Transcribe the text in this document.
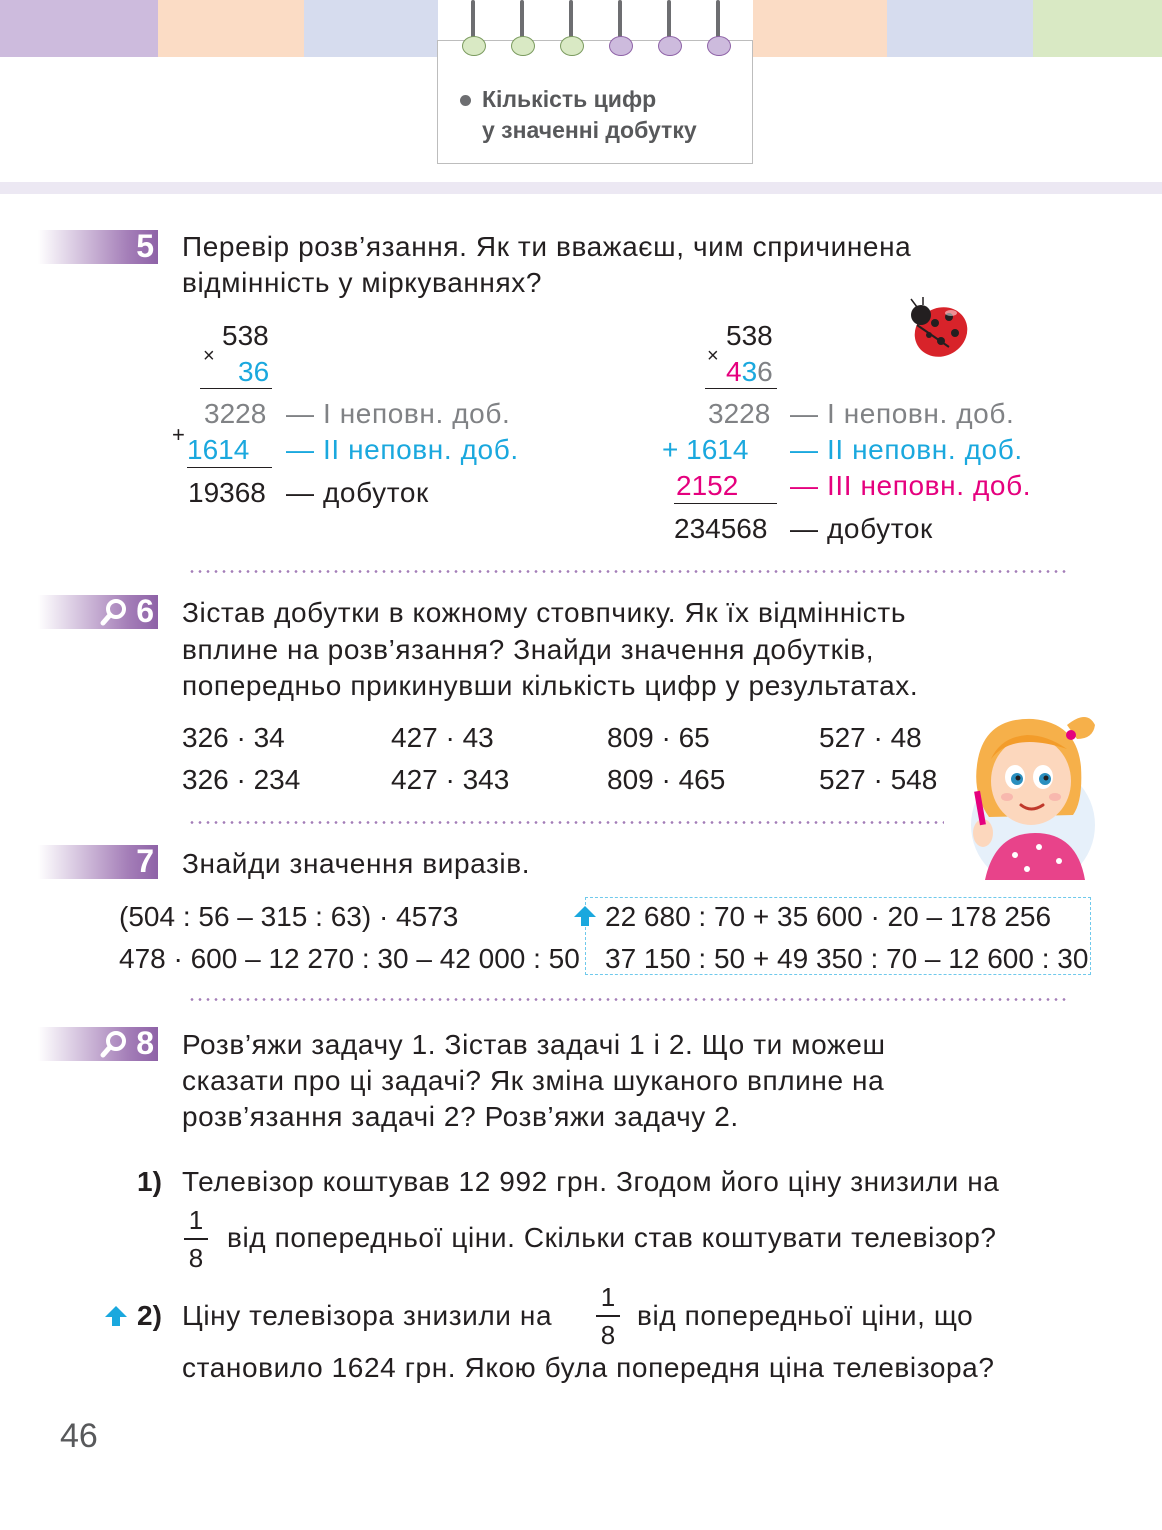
Кількість цифр
у значенні добутку
5 Перевір розв’язання. Як ти вважаєш, чим спричинена
відмінність у міркуваннях?
538
× 36
3228 — І неповн. доб.
+ 1614 — ІІ неповн. доб.
19368 — добуток
538
× 436
3228 — І неповн. доб.
+ 1614 — ІІ неповн. доб.
2152 — ІІІ неповн. доб.
234568 — добуток
6 Зістав добутки в кожному стовпчику. Як їх відмінність
вплине на розв’язання? Знайди значення добутків,
попередньо прикинувши кількість цифр у результатах.
326 · 34
326 · 234
427 · 43
427 · 343
809 · 65
809 · 465
527 · 48
527 · 548
7 Знайди значення виразів.
(504 : 56 – 315 : 63) · 4573
478 · 600 – 12 270 : 30 – 42 000 : 50
22 680 : 70 + 35 600 · 20 – 178 256
37 150 : 50 + 49 350 : 70 – 12 600 : 30
8 Розв’яжи задачу 1. Зістав задачі 1 і 2. Що ти можеш
сказати про ці задачі? Як зміна шуканого вплине на
розв’язання задачі 2? Розв’яжи задачу 2.
1) Телевізор коштував 12 992 грн. Згодом його ціну знизили на
1
8
від попередньої ціни. Скільки став коштувати телевізор?
2) Ціну телевізора знизили на
1
8
від попередньої ціни, що
становило 1624 грн. Якою була попередня ціна телевізора?
46
